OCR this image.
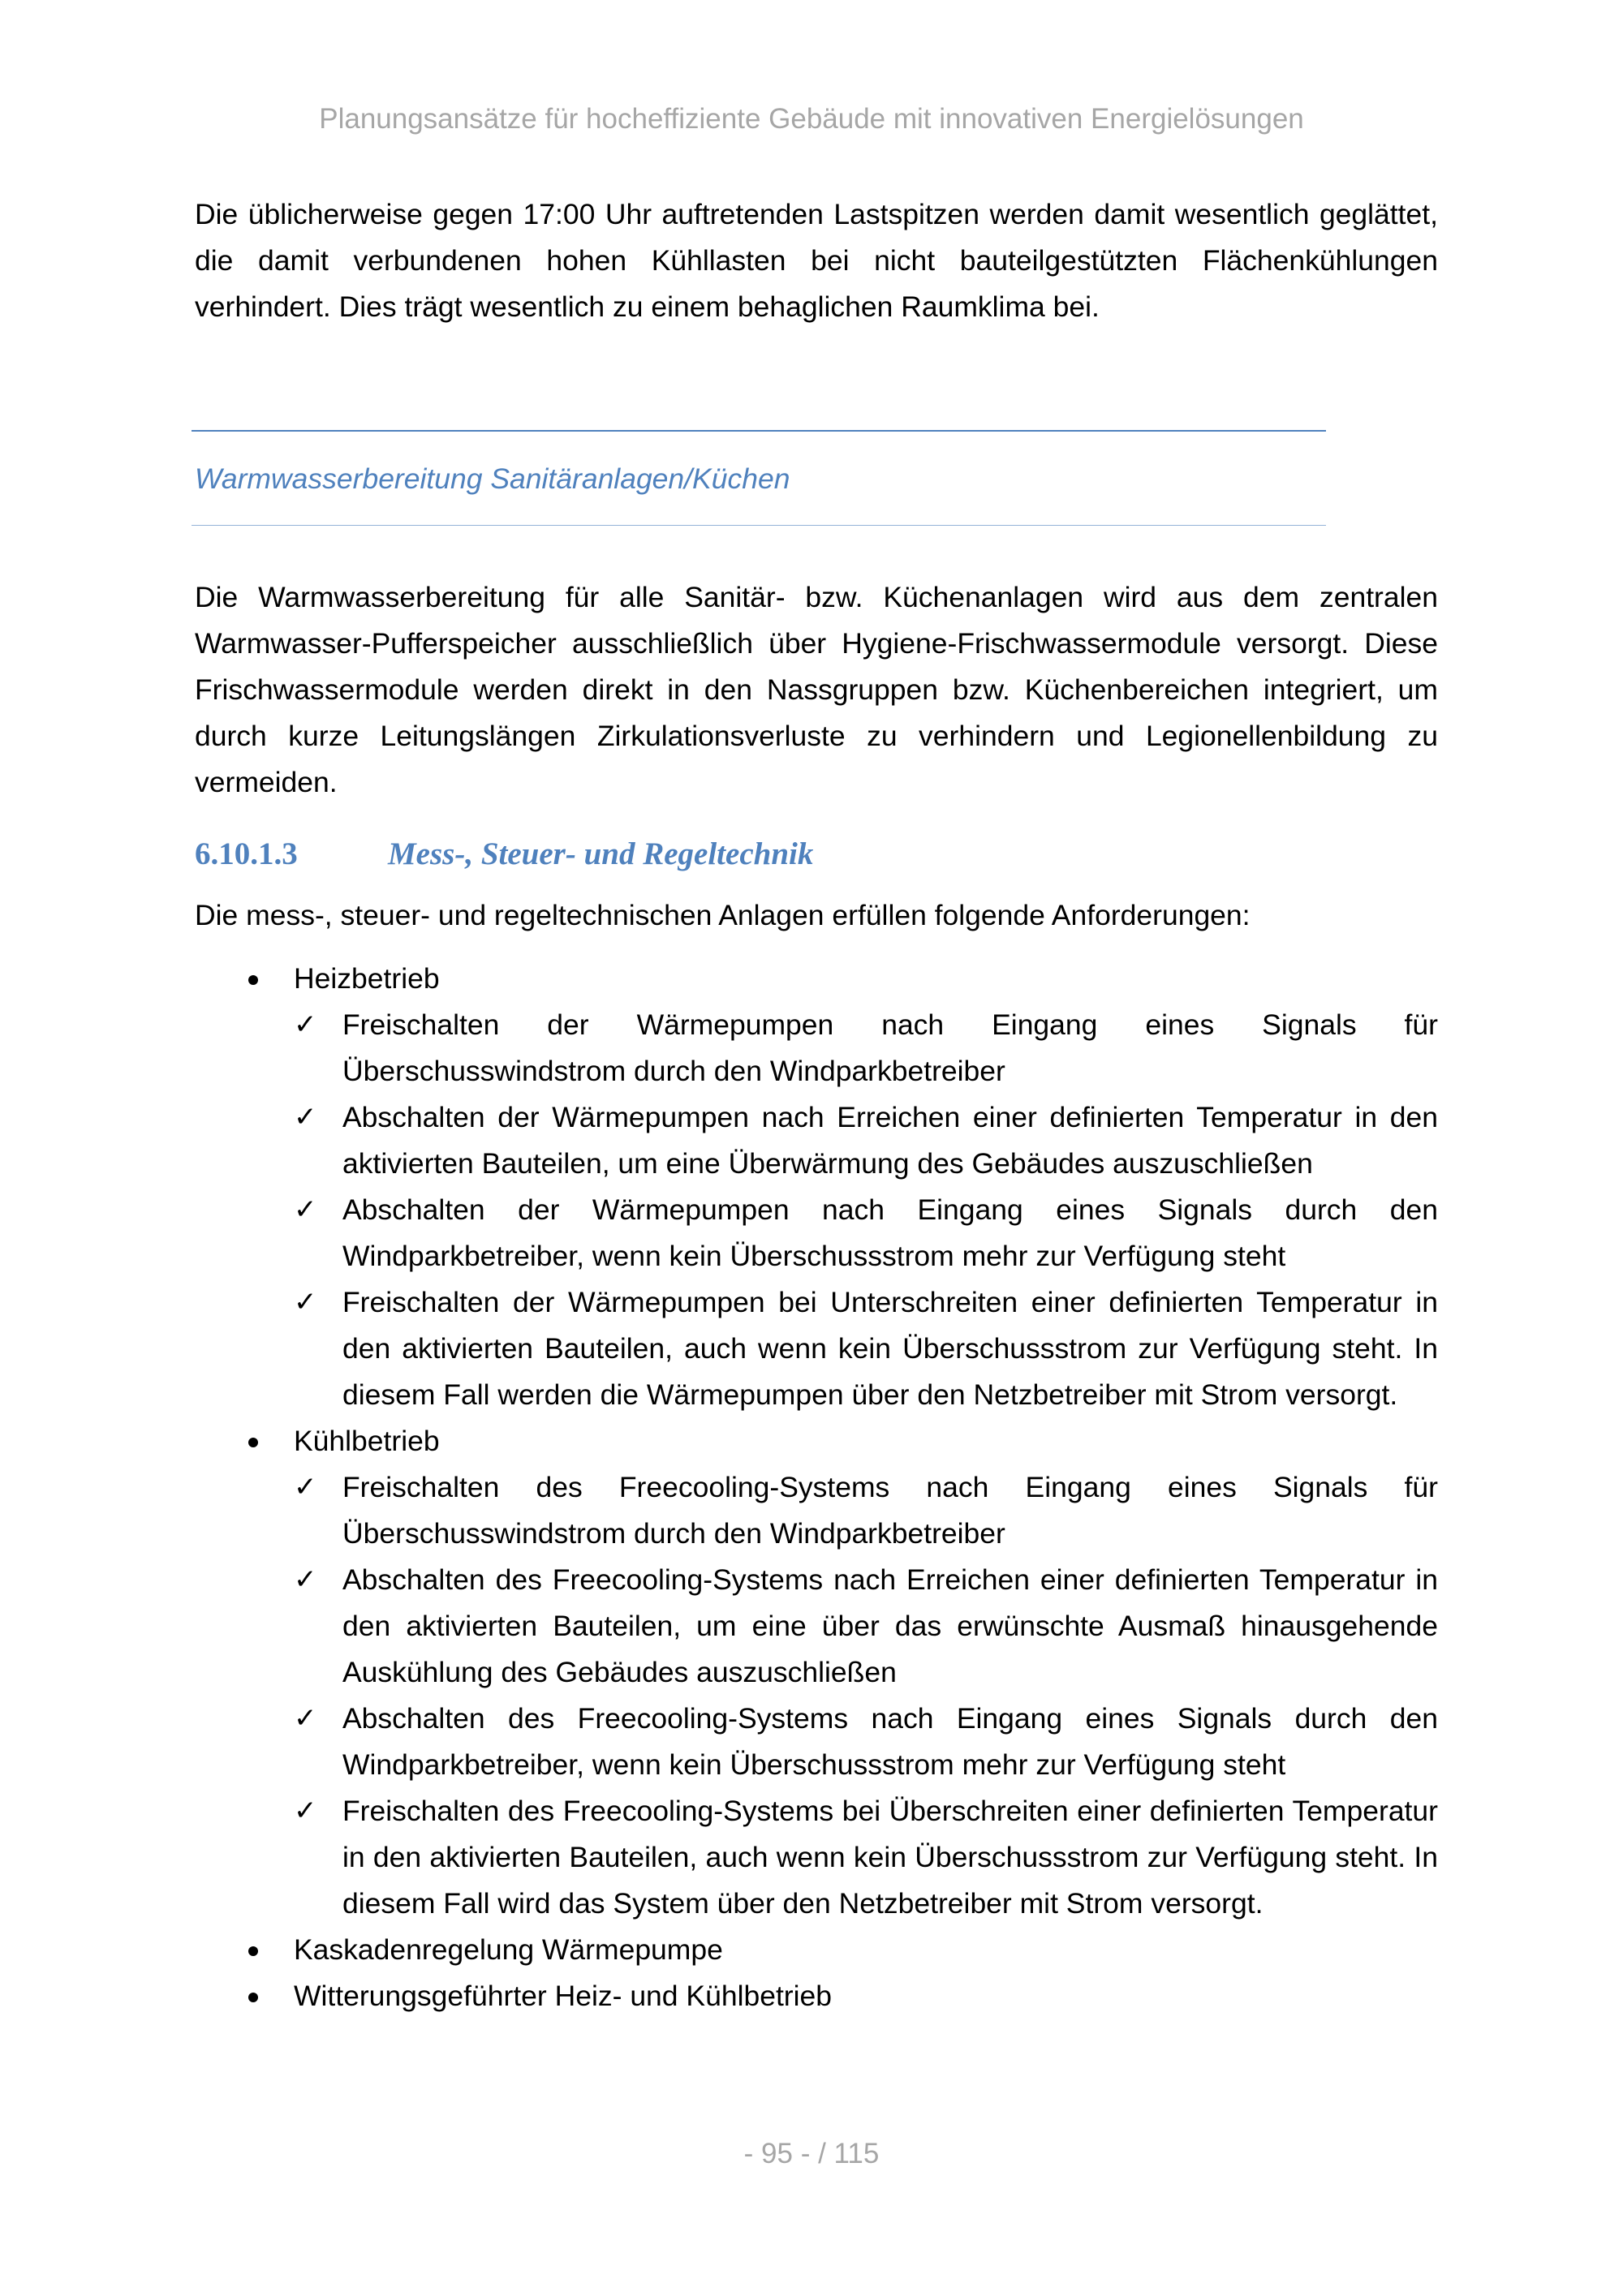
Planungsansätze für hocheffiziente Gebäude mit innovativen Energielösungen

Die üblicherweise gegen 17:00 Uhr auftretenden Lastspitzen werden damit wesentlich geglättet, die damit verbundenen hohen Kühllasten bei nicht bauteilgestützten Flächenkühlungen verhindert. Dies trägt wesentlich zu einem behaglichen Raumklima bei.

Warmwasserbereitung Sanitäranlagen/Küchen

Die Warmwasserbereitung für alle Sanitär- bzw. Küchenanlagen wird aus dem zentralen Warmwasser-Pufferspeicher ausschließlich über Hygiene-Frischwassermodule versorgt. Diese Frischwassermodule werden direkt in den Nassgruppen bzw. Küchenbereichen integriert, um durch kurze Leitungslängen Zirkulationsverluste zu verhindern und Legionellenbildung zu vermeiden.

6.10.1.3	Mess-, Steuer- und Regeltechnik
Die mess-, steuer- und regeltechnischen Anlagen erfüllen folgende Anforderungen:
Heizbetrieb
✓ Freischalten der Wärmepumpen nach Eingang eines Signals für Überschusswindstrom durch den Windparkbetreiber
✓ Abschalten der Wärmepumpen nach Erreichen einer definierten Temperatur in den aktivierten Bauteilen, um eine Überwärmung des Gebäudes auszuschließen
✓ Abschalten der Wärmepumpen nach Eingang eines Signals durch den Windparkbetreiber, wenn kein Überschussstrom mehr zur Verfügung steht
✓ Freischalten der Wärmepumpen bei Unterschreiten einer definierten Temperatur in den aktivierten Bauteilen, auch wenn kein Überschussstrom zur Verfügung steht. In diesem Fall werden die Wärmepumpen über den Netzbetreiber mit Strom versorgt.
Kühlbetrieb
✓ Freischalten des Freecooling-Systems nach Eingang eines Signals für Überschusswindstrom durch den Windparkbetreiber
✓ Abschalten des Freecooling-Systems nach Erreichen einer definierten Temperatur in den aktivierten Bauteilen, um eine über das erwünschte Ausmaß hinausgehende Auskühlung des Gebäudes auszuschließen
✓ Abschalten des Freecooling-Systems nach Eingang eines Signals durch den Windparkbetreiber, wenn kein Überschussstrom mehr zur Verfügung steht
✓ Freischalten des Freecooling-Systems bei Überschreiten einer definierten Temperatur in den aktivierten Bauteilen, auch wenn kein Überschussstrom zur Verfügung steht. In diesem Fall wird das System über den Netzbetreiber mit Strom versorgt.
Kaskadenregelung Wärmepumpe
Witterungsgeführter Heiz- und Kühlbetrieb
- 95 - / 115
